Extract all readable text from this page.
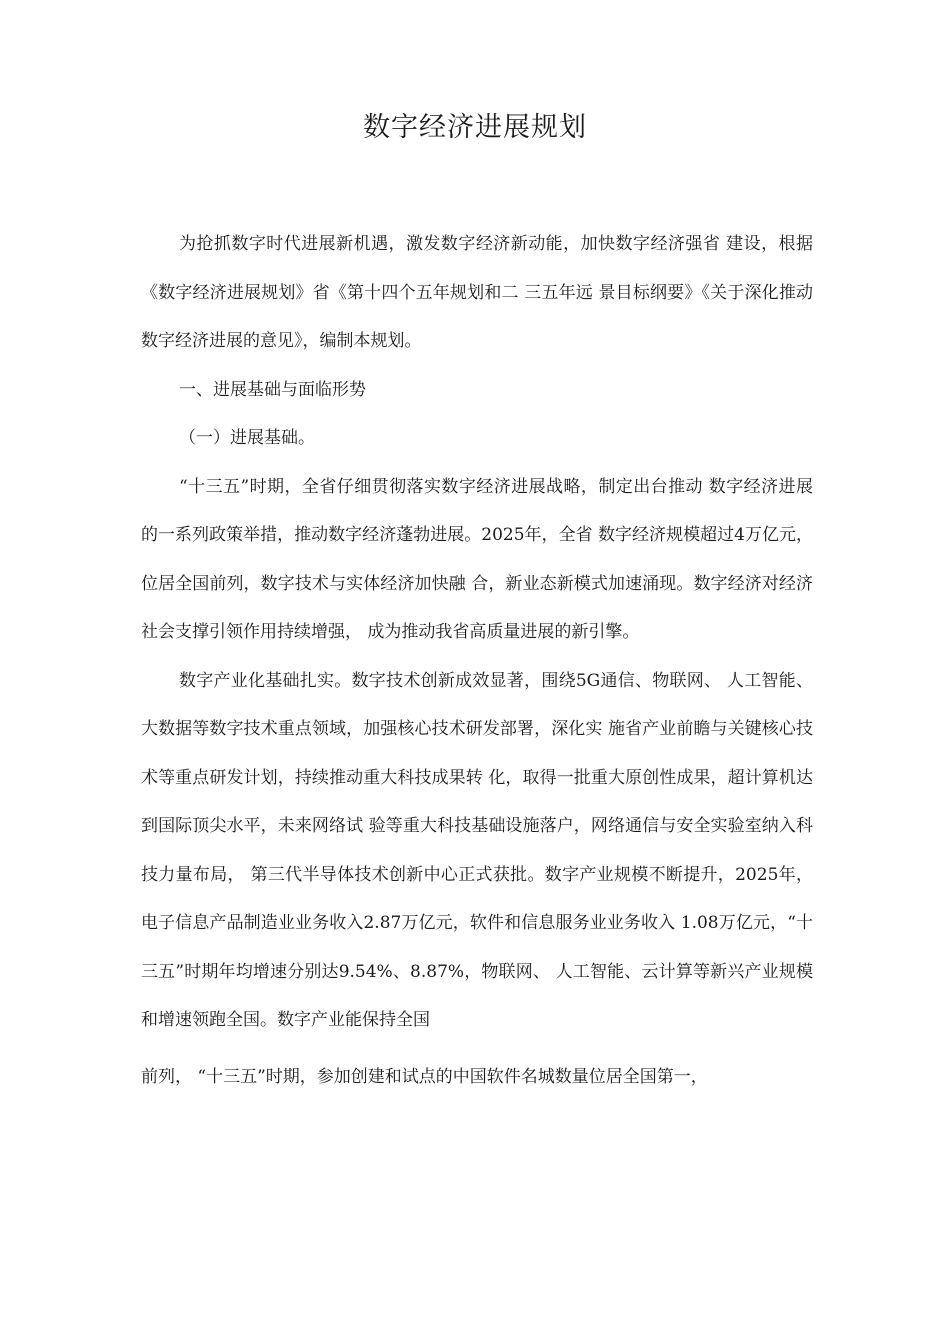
数字经济进展规划

为抢抓数字时代进展新机遇，激发数字经济新动能，加快数字经济强省 建设，根据《数字经济进展规划》省《第十四个五年规划和二 三五年远 景目标纲要》《关于深化推动数字经济进展的意见》，编制本规划。

一、进展基础与面临形势

（一）进展基础。

“十三五”时期，全省仔细贯彻落实数字经济进展战略，制定出台推动 数字经济进展的一系列政策举措，推动数字经济蓬勃进展。2025年，全省 数字经济规模超过4万亿元，位居全国前列，数字技术与实体经济加快融 合，新业态新模式加速涌现。数字经济对经济社会支撑引领作用持续增强， 成为推动我省高质量进展的新引擎。

数字产业化基础扎实。数字技术创新成效显著，围绕5G通信、物联网、 人工智能、大数据等数字技术重点领域，加强核心技术研发部署，深化实 施省产业前瞻与关键核心技术等重点研发计划，持续推动重大科技成果转 化，取得一批重大原创性成果，超计算机达到国际顶尖水平，未来网络试 验等重大科技基础设施落户，网络通信与安全实验室纳入科技力量布局， 第三代半导体技术创新中心正式获批。数字产业规模不断提升，2025年， 电子信息产品制造业业务收入2.87万亿元，软件和信息服务业业务收入 1.08万亿元，“十三五”时期年均增速分别达9.54%、8.87%，物联网、 人工智能、云计算等新兴产业规模和增速领跑全国。数字产业能保持全国

前列， “十三五”时期，参加创建和试点的中国软件名城数量位居全国第一，
